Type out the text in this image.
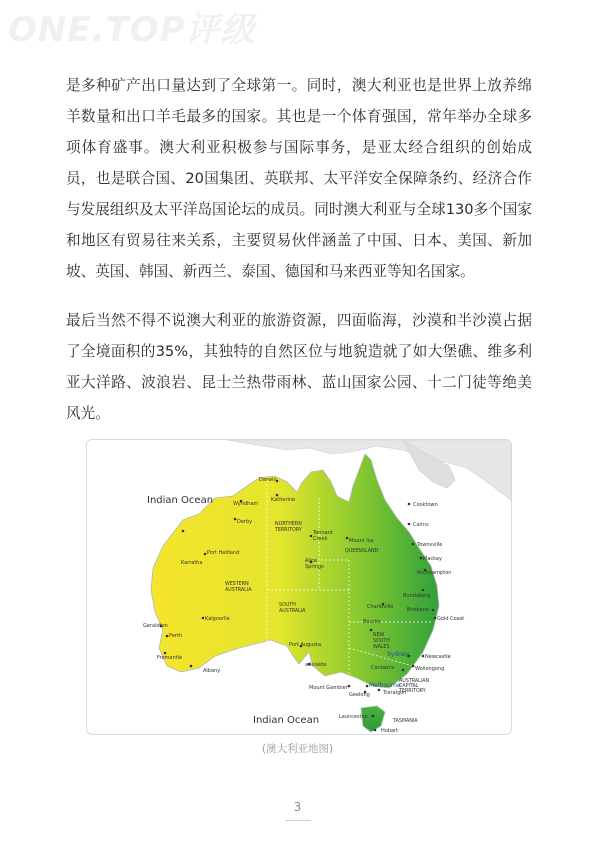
ONE.TOP评级

是多种矿产出口量达到了全球第一。同时，澳大利亚也是世界上放养绵羊数量和出口羊毛最多的国家。其也是一个体育强国，常年举办全球多项体育盛事。澳大利亚积极参与国际事务，是亚太经合组织的创始成员，也是联合国、20国集团、英联邦、太平洋安全保障条约、经济合作与发展组织及太平洋岛国论坛的成员。同时澳大利亚与全球130多个国家和地区有贸易往来关系，主要贸易伙伴涵盖了中国、日本、美国、新加坡、英国、韩国、新西兰、泰国、德国和马来西亚等知名国家。

最后当然不得不说澳大利亚的旅游资源，四面临海，沙漠和半沙漠占据了全境面积的35%，其独特的自然区位与地貌造就了如大堡礁、维多利亚大洋路、波浪岩、昆士兰热带雨林、蓝山国家公园、十二门徒等绝美风光。

Indian Ocean
Indian Ocean
NORTHERN
TERRITORY
WESTERN
AUSTRALIA
SOUTH
AUSTRALIA
QUEENSLAND
NEW
SOUTH
WALES
AUSTRALIAN
CAPITAL
TERRITORY
TASMANIA
Darwin
Katherine
Wyndham
Derby
Port Hedland
Karratha
Tennant
Creek	Mount Isa
Cooktown
Cairns
Townsville
Mackay
Rockhampton
Alice
Springs
Charleville
Bundaberg
Brisbane
Gold Coast
Bourke
Geraldton
Perth
Kalgoorlie
Fremantle
Albany
Port Augusta
adelaide
Sydney	Newcastle
Wollongong
Canberra
Mount Gambier	Melbourne
Geelong	Traralgon
Launceston
Hobart

(澳大利亚地图)

3
